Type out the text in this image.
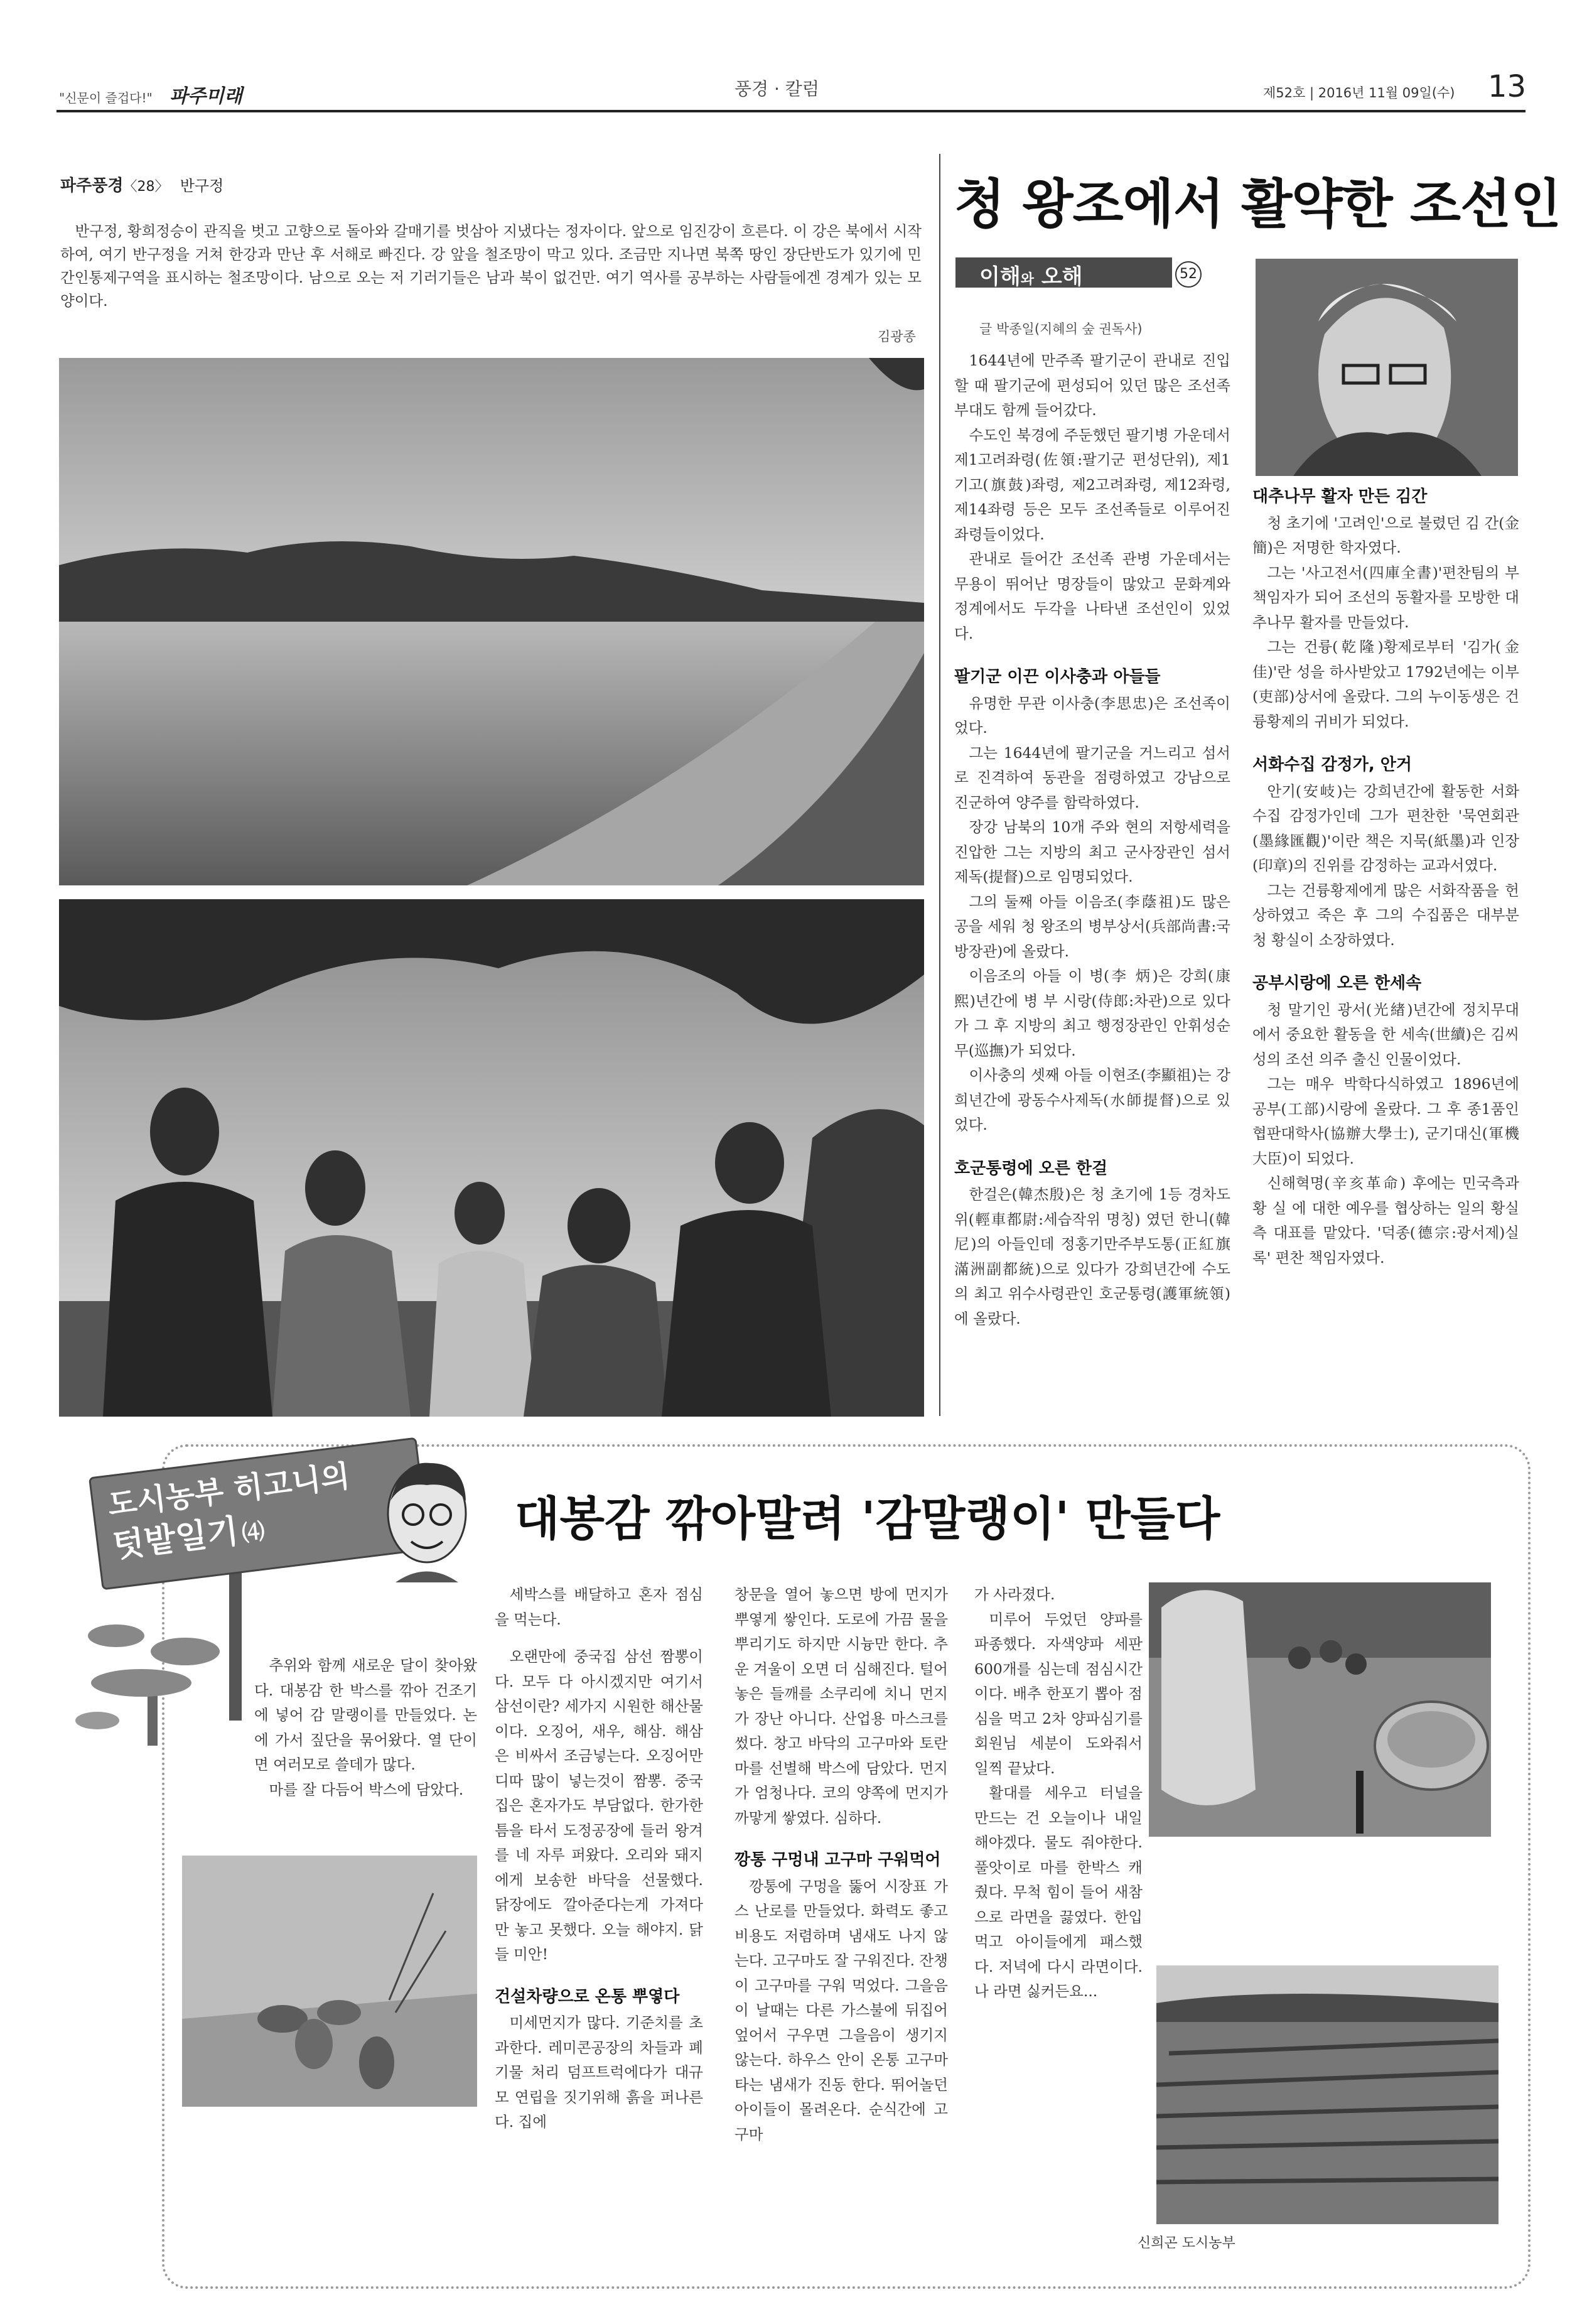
"신문이 즐겁다!" 파주미래	풍경 · 칼럼	제52호 | 2016년 11월 09일(수) 13
파주풍경〈28〉 반구정

반구정, 황희정승이 관직을 벗고 고향으로 돌아와 갈매기를 벗삼아 지냈다는 정자이다. 앞으로 임진강이 흐른다. 이 강은 북에서 시작하여, 여기 반구정을 거쳐 한강과 만난 후 서해로 빠진다. 강 앞을 철조망이 막고 있다. 조금만 지나면 북쪽 땅인 장단반도가 있기에 민간인통제구역을 표시하는 철조망이다. 남으로 오는 저 기러기들은 남과 북이 없건만. 여기 역사를 공부하는 사람들에겐 경계가 있는 모양이다.

김광종
청 왕조에서 활약한 조선인
이해와 오해	52
글 박종일(지혜의 숲 권독사)

1644년에 만주족 팔기군이 관내로 진입할 때 팔기군에 편성되어 있던 많은 조선족 부대도 함께 들어갔다.

수도인 북경에 주둔했던 팔기병 가운데서 제1고려좌령(佐領:팔기군 편성단위), 제1기고(旗鼓)좌령, 제2고려좌령, 제12좌령, 제14좌령 등은 모두 조선족들로 이루어진 좌령들이었다.

관내로 들어간 조선족 관병 가운데서는 무용이 뛰어난 명장들이 많았고 문화계와 정계에서도 두각을 나타낸 조선인이 있었다.

팔기군 이끈 이사충과 아들들

유명한 무관 이사충(李思忠)은 조선족이었다.

그는 1644년에 팔기군을 거느리고 섬서로 진격하여 동관을 점령하였고 강남으로 진군하여 양주를 함락하였다.

장강 남북의 10개 주와 현의 저항세력을 진압한 그는 지방의 최고 군사장관인 섬서제독(提督)으로 임명되었다.

그의 둘째 아들 이음조(李蔭祖)도 많은 공을 세워 청 왕조의 병부상서(兵部尚書:국방장관)에 올랐다.

이음조의 아들 이 병(李 炳)은 강희(康熙)년간에 병 부 시랑(侍郎:차관)으로 있다가 그 후 지방의 최고 행정장관인 안휘성순무(巡撫)가 되었다.

이사충의 셋째 아들 이현조(李顯祖)는 강희년간에 광동수사제독(水師提督)으로 있었다.

호군통령에 오른 한걸

한걸은(韓杰殷)은 청 초기에 1등 경차도위(輕車都尉:세습작위 명칭) 였던 한니(韓 尼)의 아들인데 정홍기만주부도통(正紅旗滿洲副都統)으로 있다가 강희년간에 수도의 최고 위수사령관인 호군통령(護軍統領)에 올랐다.

대추나무 활자 만든 김간

청 초기에 '고려인'으로 불렸던 김 간(金 簡)은 저명한 학자였다.

그는 '사고전서(四庫全書)'편찬팀의 부책임자가 되어 조선의 동활자를 모방한 대추나무 활자를 만들었다.

그는 건륭(乾隆)황제로부터 '김가(金佳)'란 성을 하사받았고 1792년에는 이부(吏部)상서에 올랐다. 그의 누이동생은 건륭황제의 귀비가 되었다.

서화수집 감정가, 안거

안기(安岐)는 강희년간에 활동한 서화 수집 감정가인데 그가 편찬한 '묵연회관(墨緣匯觀)'이란 책은 지묵(紙墨)과 인장(印章)의 진위를 감정하는 교과서였다.

그는 건륭황제에게 많은 서화작품을 헌상하였고 죽은 후 그의 수집품은 대부분 청 황실이 소장하였다.

공부시랑에 오른 한세속

청 말기인 광서(光緖)년간에 정치무대에서 중요한 활동을 한 세속(世續)은 김씨 성의 조선 의주 출신 인물이었다.

그는 매우 박학다식하였고 1896년에 공부(工部)시랑에 올랐다. 그 후 종1품인 협판대학사(協辦大學士), 군기대신(軍機大臣)이 되었다.

신해혁명(辛亥革命) 후에는 민국측과 황 실 에 대한 예우를 협상하는 일의 황실측 대표를 맡았다. '덕종(德宗:광서제)실록' 편찬 책임자였다.

도시농부 히고니의
텃밭일기 ⑷	대봉감 깎아말려 '감말랭이' 만들다

추위와 함께 새로운 달이 찾아왔다. 대봉감 한 박스를 깎아 건조기에 넣어 감 말랭이를 만들었다. 논에 가서 짚단을 묶어왔다. 열 단이면 여러모로 쓸데가 많다.

마를 잘 다듬어 박스에 담았다.

세박스를 배달하고 혼자 점심을 먹는다.

오랜만에 중국집 삼선 짬뽕이다. 모두 다 아시겠지만 여기서 삼선이란? 세가지 시원한 해산물이다. 오징어, 새우, 해삼. 해삼은 비싸서 조금넣는다. 오징어만 디따 많이 넣는것이 짬뽕. 중국집은 혼자가도 부담없다. 한가한 틈을 타서 도정공장에 들러 왕겨를 네 자루 퍼왔다. 오리와 돼지에게 보송한 바닥을 선물했다. 닭장에도 깔아준다는게 가져다만 놓고 못했다. 오늘 해야지. 닭들 미안!

건설차량으로 온통 뿌옇다

미세먼지가 많다. 기준치를 초과한다. 레미콘공장의 차들과 폐기물 처리 덤프트럭에다가 대규모 연립을 짓기위해 흙을 퍼나른다. 집에

창문을 열어 놓으면 방에 먼지가 뿌옇게 쌓인다. 도로에 가끔 물을 뿌리기도 하지만 시늉만 한다. 추운 겨울이 오면 더 심해진다. 털어놓은 들깨를 소쿠리에 치니 먼지가 장난 아니다. 산업용 마스크를 썼다. 창고 바닥의 고구마와 토란 마를 선별해 박스에 담았다. 먼지가 엄청나다. 코의 양쪽에 먼지가 까맣게 쌓였다. 심하다.

깡통 구멍내 고구마 구워먹어

깡통에 구멍을 뚫어 시장표 가스 난로를 만들었다. 화력도 좋고 비용도 저렴하며 냄새도 나지 않는다. 고구마도 잘 구워진다. 잔챙이 고구마를 구워 먹었다. 그을음이 날때는 다른 가스불에 뒤집어 엎어서 구우면 그을음이 생기지 않는다. 하우스 안이 온통 고구마 타는 냄새가 진동 한다. 뛰어놀던 아이들이 몰려온다. 순식간에 고구마

가 사라졌다.

미루어 두었던 양파를 파종했다. 자색양파 세판 600개를 심는데 점심시간이다. 배추 한포기 뽑아 점심을 먹고 2차 양파심기를 회원님 세분이 도와줘서 일찍 끝났다.

활대를 세우고 터널을 만드는 건 오늘이나 내일 해야겠다. 물도 줘야한다. 풀앗이로 마를 한박스 캐줬다. 무척 힘이 들어 새참으로 라면을 끓였다. 한입 먹고 아이들에게 패스했다. 저녁에 다시 라면이다. 나 라면 싫커든요...

신희곤 도시농부
